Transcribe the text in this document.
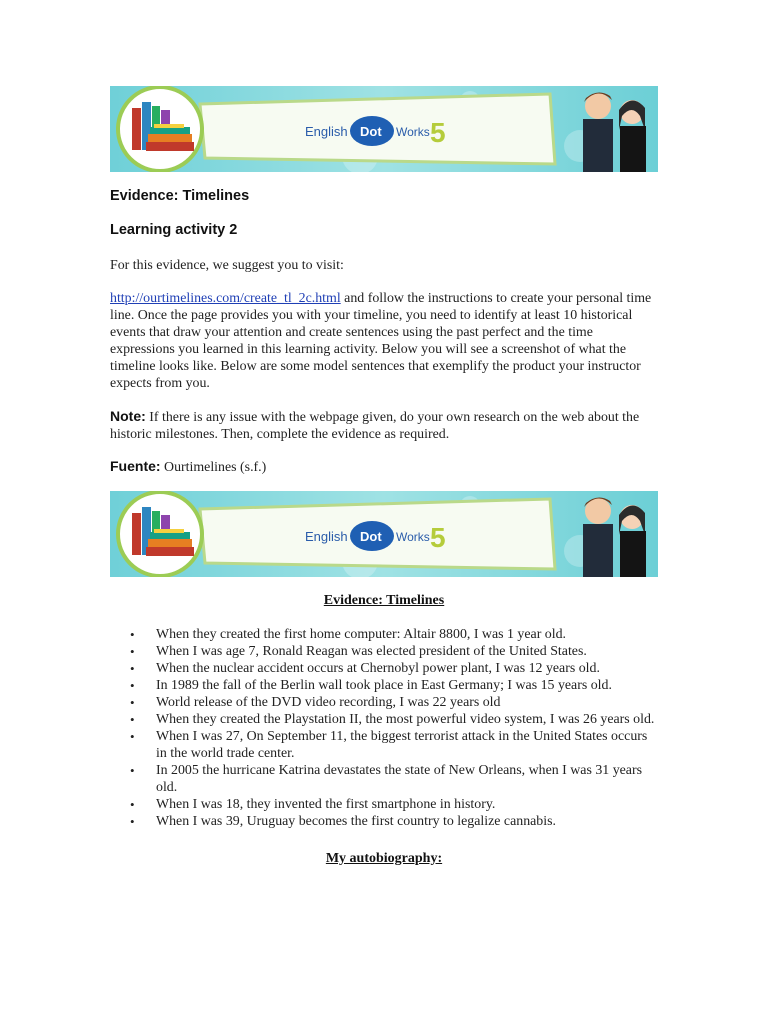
English Dot Works 5
Evidence: Timelines
Learning activity 2

For this evidence, we suggest you to visit:

http://ourtimelines.com/create_tl_2c.html and follow the instructions to create your personal time line. Once the page provides you with your timeline, you need to identify at least 10 historical events that draw your attention and create sentences using the past perfect and the time expressions you learned in this learning activity. Below you will see a screenshot of what the timeline looks like. Below are some model sentences that exemplify the product your instructor expects from you.

Note: If there is any issue with the webpage given, do your own research on the web about the historic milestones. Then, complete the evidence as required.

Fuente: Ourtimelines (s.f.)

English Dot Works 5
Evidence: Timelines
• When they created the first home computer: Altair 8800, I was 1 year old.
• When I was age 7, Ronald Reagan was elected president of the United States.
• When the nuclear accident occurs at Chernobyl power plant, I was 12 years old.
• In 1989 the fall of the Berlin wall took place in East Germany; I was 15 years old.
• World release of the DVD video recording, I was 22 years old
• When they created the Playstation II, the most powerful video system, I was 26 years old.
• When I was 27, On September 11, the biggest terrorist attack in the United States occurs in the world trade center.
• In 2005 the hurricane Katrina devastates the state of New Orleans, when I was 31 years old.
• When I was 18, they invented the first smartphone in history.
• When I was 39, Uruguay becomes the first country to legalize cannabis.
My autobiography:
